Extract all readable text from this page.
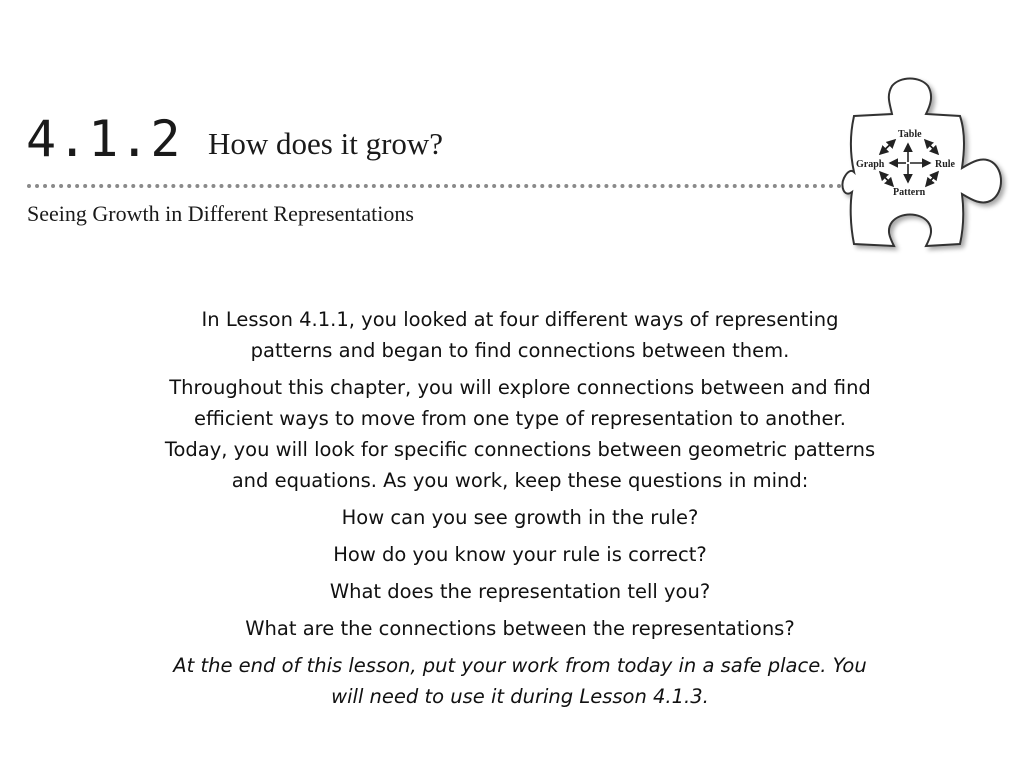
4.1.2 How does it grow?
Seeing Growth in Different Representations
Table
Graph	Rule
Pattern

In Lesson 4.1.1, you looked at four different ways of representing patterns and began to find connections between them.

Throughout this chapter, you will explore connections between and find efficient ways to move from one type of representation to another. Today, you will look for specific connections between geometric patterns and equations. As you work, keep these questions in mind:

How can you see growth in the rule?

How do you know your rule is correct?

What does the representation tell you?

What are the connections between the representations?

At the end of this lesson, put your work from today in a safe place. You will need to use it during Lesson 4.1.3.
